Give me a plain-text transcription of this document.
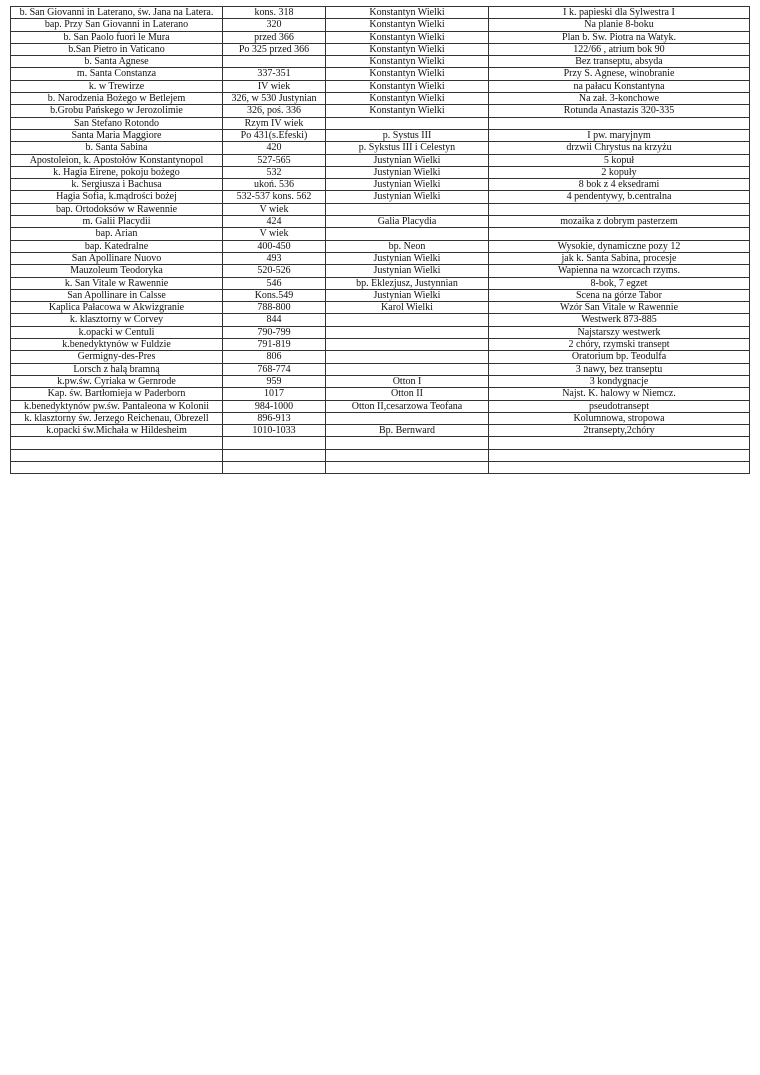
b. San Giovanni in Laterano, św. Jana na Latera.	kons. 318	Konstantyn Wielki	I k. papieski dla Sylwestra I
bap. Przy San Giovanni in Laterano	320	Konstantyn Wielki	Na planie 8-boku
b. San Paolo fuori le Mura	przed 366	Konstantyn Wielki	Plan b. Św. Piotra na Watyk.
b.San Pietro in Vaticano	Po 325 przed 366	Konstantyn Wielki	122/66 , atrium bok 90
b. Santa Agnese		Konstantyn Wielki	Bez transeptu, absyda
m. Santa Constanza	337-351	Konstantyn Wielki	Przy S. Agnese, winobranie
k. w Trewirze	IV wiek	Konstantyn Wielki	na pałacu Konstantyna
b. Narodzenia Bożego w Betlejem	326, w 530 Justynian	Konstantyn Wielki	Na zał. 3-konchowe
b.Grobu Pańskego w Jerozolimie	326, poś. 336	Konstantyn Wielki	Rotunda Anastazis 320-335
San Stefano Rotondo	Rzym IV wiek		
Santa Maria Maggiore	Po 431(s.Efeski)	p. Systus III	I pw. maryjnym
b. Santa Sabina	420	p. Sykstus III i Celestyn	drzwii Chrystus na krzyżu
Apostoleion, k. Apostołów Konstantynopol	527-565	Justynian Wielki	5 kopuł
k. Hagia Eirene, pokoju bożego	532	Justynian Wielki	2 kopuły
k. Sergiusza i Bachusa	ukoń. 536	Justynian Wielki	8 bok z 4 eksedrami
Hagia Sofia, k.mądrości bożej	532-537 kons. 562	Justynian Wielki	4 pendentywy, b.centralna
bap. Ortodoksów w Rawennie	V wiek		
m. Galii Placydii	424	Galia Placydia	mozaika z dobrym pasterzem
bap. Arian	V wiek		
bap. Katedralne	400-450	bp. Neon	Wysokie, dynamiczne pozy 12
San Apollinare Nuovo	493	Justynian Wielki	jak k. Santa Sabina, procesje
Mauzoleum Teodoryka	520-526	Justynian Wielki	Wapienna na wzorcach rzyms.
k. San Vitale w Rawennie	546	bp. Eklezjusz, Justynnian	8-bok, 7 egzet
San Apollinare in Calsse	Kons.549	Justynian Wielki	Scena na górze Tabor
Kaplica Pałacowa w Akwizgranie	788-800	Karol Wielki	Wzór San Vitale w Rawennie
k. klasztorny w Corvey	844		Westwerk 873-885
k.opacki w Centuli	790-799		Najstarszy westwerk
k.benedyktynów w Fuldzie	791-819		2 chóry, rzymski transept
Germigny-des-Pres	806		Oratorium bp. Teodulfa
Lorsch z halą bramną	768-774		3 nawy, bez transeptu
k.pw.św. Cyriaka w Gernrode	959	Otton I	3 kondygnacje
Kap. św. Bartłomieja w Paderborn	1017	Otton II	Najst. K. halowy w Niemcz.
k.benedyktynów pw.św. Pantaleona w Kolonii	984-1000	Otton II,cesarzowa Teofana	pseudotransept
k. klasztorny św. Jerzego Reichenau, Obrezell	896-913		Kolumnowa, stropowa
k.opacki św.Michała w Hildesheim	1010-1033	Bp. Bernward	2transepty,2chóry
